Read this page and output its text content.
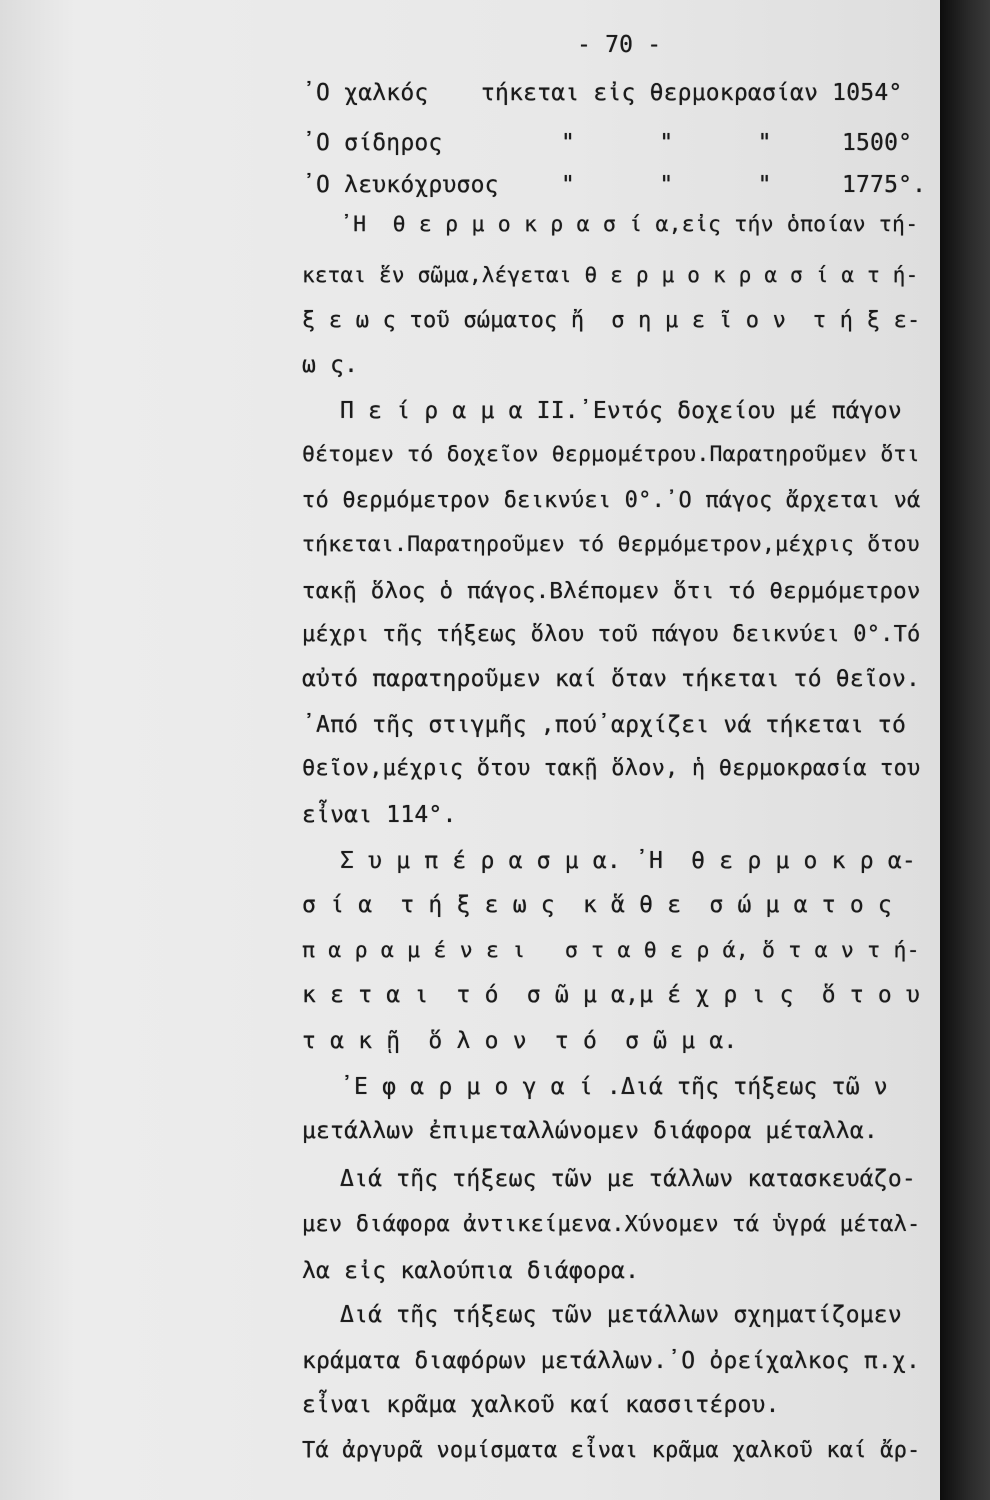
- 70 -
᾿Ο χαλκός τήκεται εἰς θερμοκρασίαν 1054°
᾿Ο σίδηρος	"      "      "     1500°
᾿Ο λευκόχρυσος	"      "      "     1775°.
᾿Η  θ ε ρ μ ο κ ρ α σ ί α,εἰς τήν ὁποίαν τή-
κεται ἕν σῶμα,λέγεται θ ε ρ μ ο κ ρ α σ ί α τ ή-
ξ ε ω ς τοῦ σώματος ἤ  σ η μ ε ῖ ο ν  τ ή ξ ε-
ω ς.
Π ε ί ρ α μ α II.᾿Εντός δοχείου μέ πάγον
θέτομεν τό δοχεῖον θερμομέτρου.Παρατηροῦμεν ὅτι
τό θερμόμετρον δεικνύει 0°.᾿Ο πάγος ἄρχεται νά
τήκεται.Παρατηροῦμεν τό θερμόμετρον,μέχρις ὅτου
τακῇ ὅλος ὁ πάγος.Βλέπομεν ὅτι τό θερμόμετρον
μέχρι τῆς τήξεως ὅλου τοῦ πάγου δεικνύει 0°.Τό
αὐτό παρατηροῦμεν καί ὅταν τήκεται τό θεῖον.
᾿Από τῆς στιγμῆς ,πού᾿αρχίζει νά τήκεται τό
θεῖον,μέχρις ὅτου τακῇ ὅλον, ἡ θερμοκρασία του
εἶναι 114°.
Σ υ μ π έ ρ α σ μ α. ᾿Η  θ ε ρ μ ο κ ρ α-
σ ί α  τ ή ξ ε ω ς  κ ἅ θ ε  σ ώ μ α τ ο ς
π α ρ α μ έ ν ε ι   σ τ α θ ε ρ ά, ὅ τ α ν τ ή-
κ ε τ α ι  τ ό  σ ῶ μ α,μ έ χ ρ ι ς  ὅ τ ο υ
τ α κ ῇ  ὅ λ ο ν  τ ό  σ ῶ μ α.
᾿Ε φ α ρ μ ο γ α ί .Διά τῆς τήξεως τῶ ν
μετάλλων ἐπιμεταλλώνομεν διάφορα μέταλλα.
Διά τῆς τήξεως τῶν με τάλλων κατασκευάζο-
μεν διάφορα ἀντικείμενα.Χύνομεν τά ὑγρά μέταλ-
λα εἰς καλούπια διάφορα.
Διά τῆς τήξεως τῶν μετάλλων σχηματίζομεν
κράματα διαφόρων μετάλλων.᾿Ο ὀρείχαλκος π.χ.
εἶναι κρᾶμα χαλκοῦ καί κασσιτέρου.
Τά ἀργυρᾶ νομίσματα εἶναι κρᾶμα χαλκοῦ καί ἄρ-
